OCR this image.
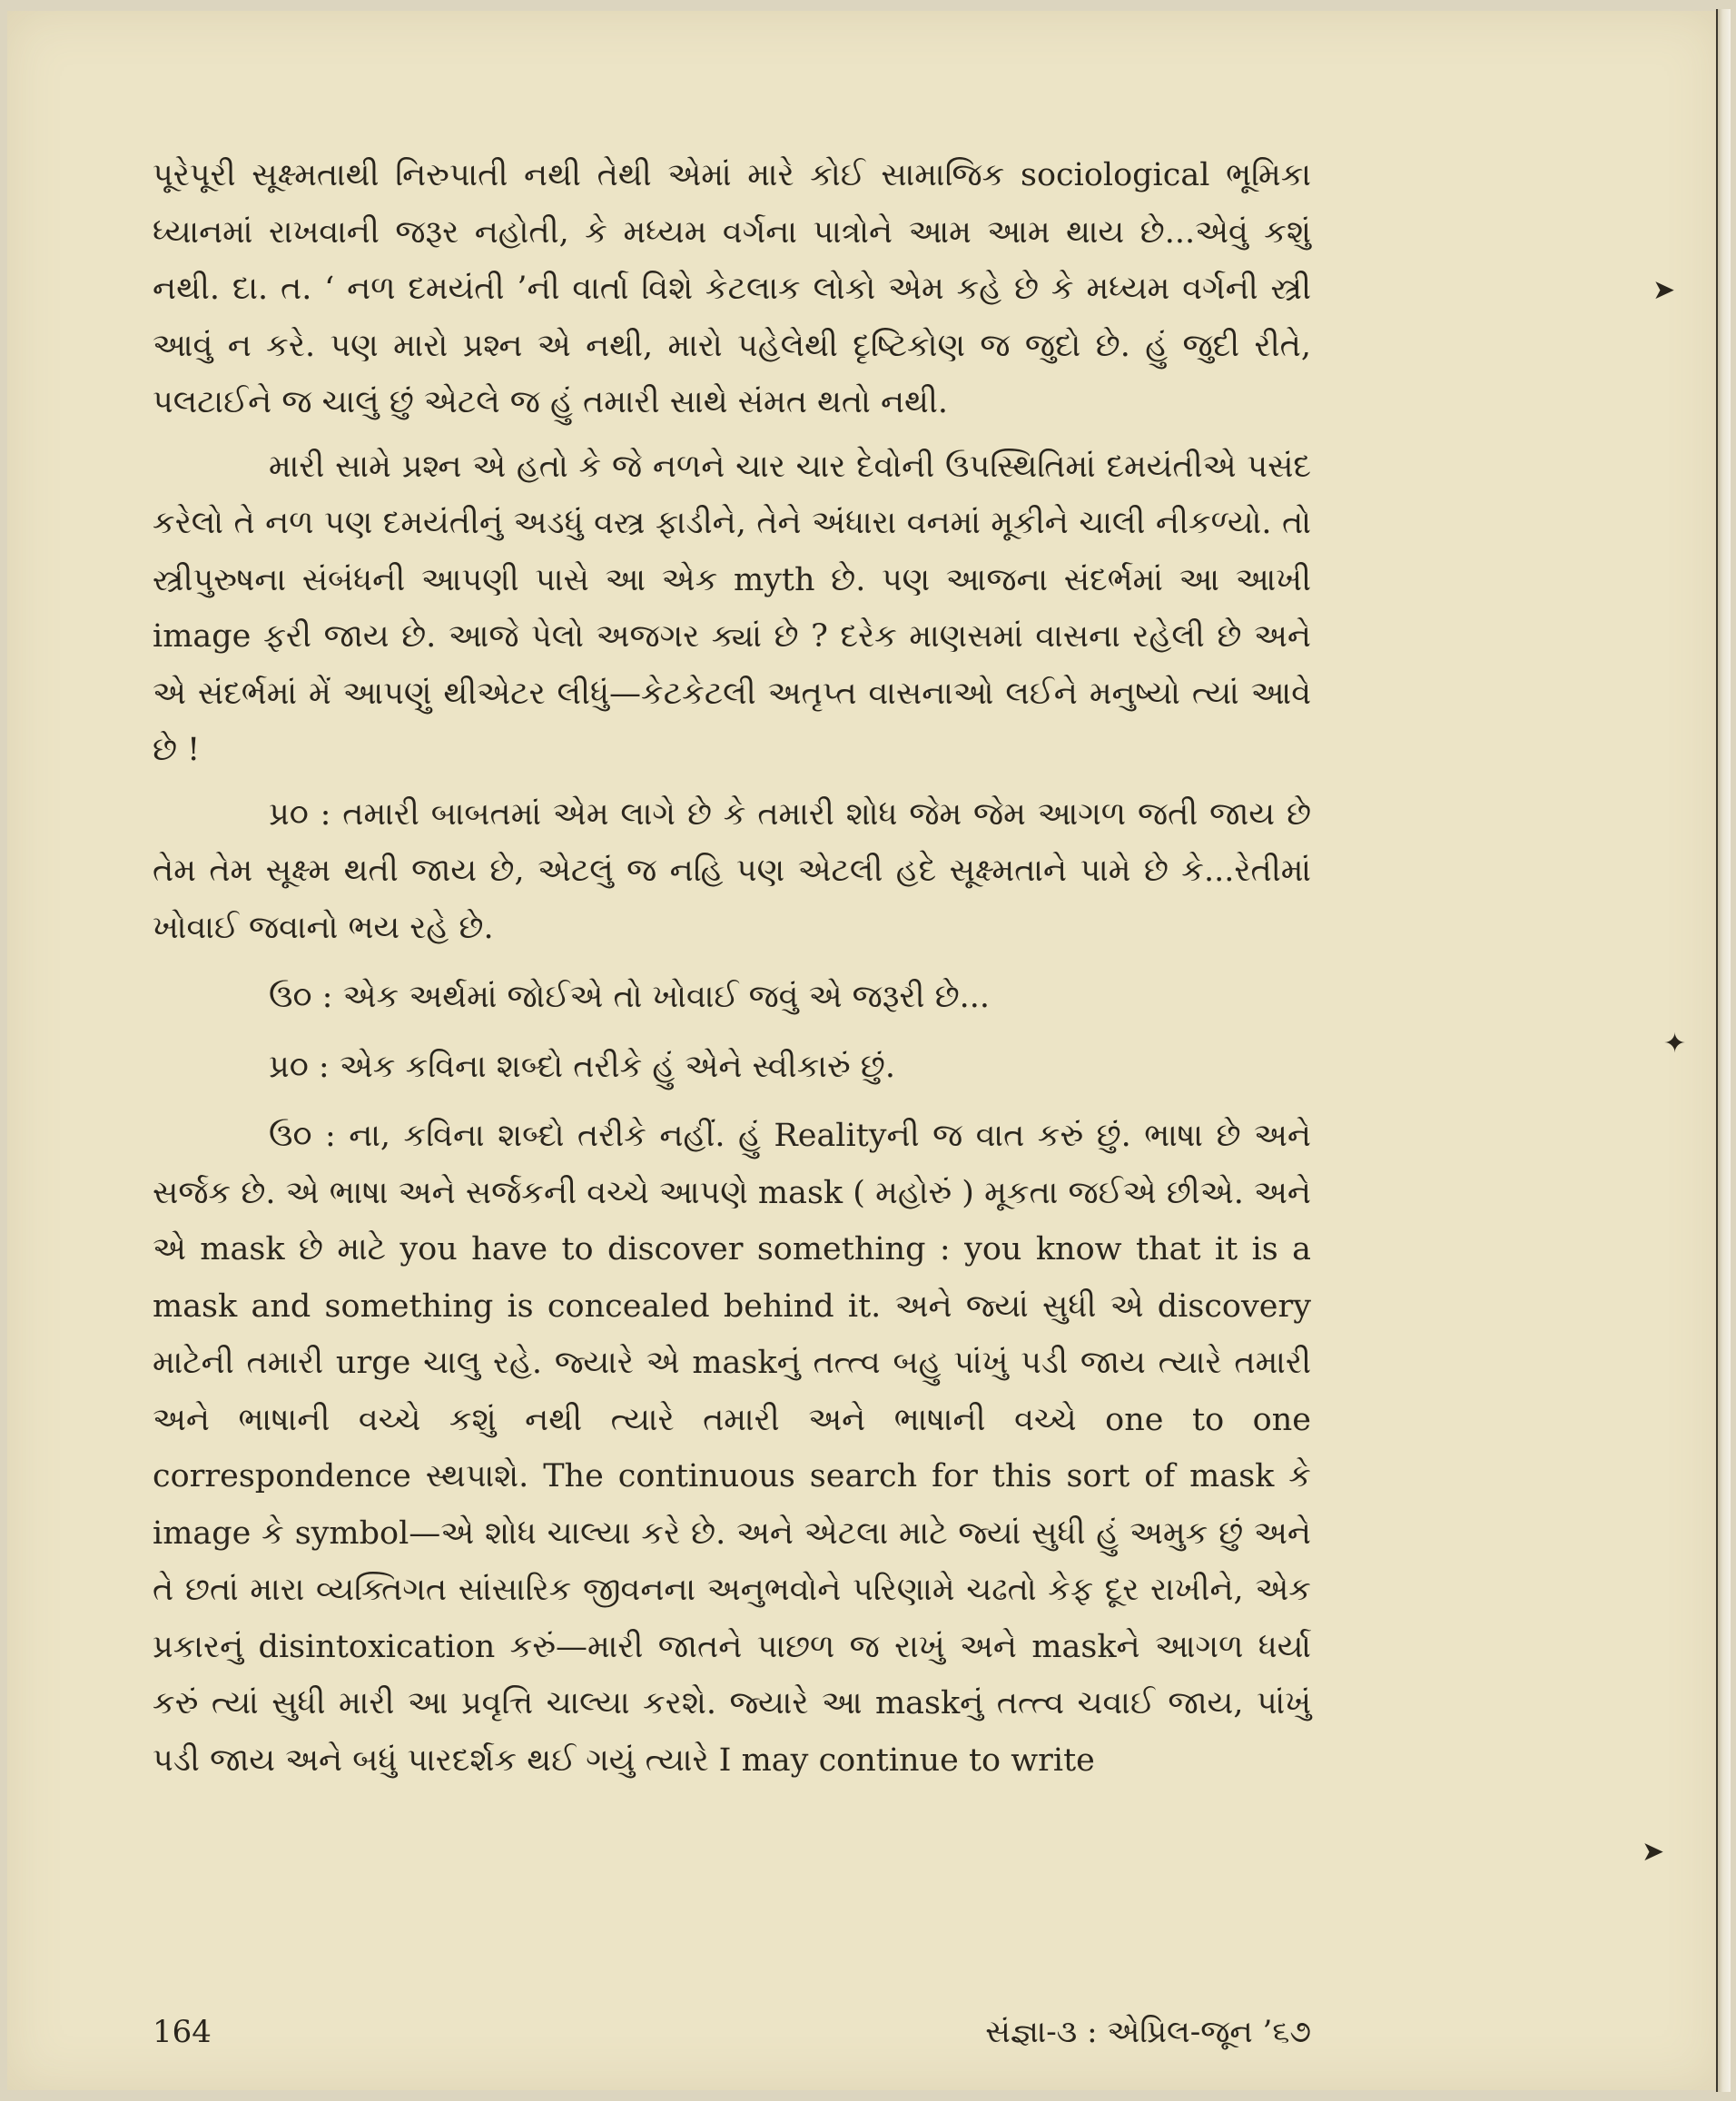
પૂરેપૂરી સૂક્ષ્મતાથી નિરુપાતી નથી તેથી એમાં મારે કોઈ સામાજિક sociological ભૂમિકા ધ્યાનમાં રાખવાની જરૂર નહોતી, કે મધ્યમ વર્ગના પાત્રોને આમ આમ થાય છે...એવું કશું નથી. દા. ત. ‘ નળ દમયંતી ’ની વાર્તા વિશે કેટલાક લોકો એમ કહે છે કે મધ્યમ વર્ગની સ્ત્રી આવું ન કરે. પણ મારો પ્રશ્ન એ નથી, મારો પહેલેથી દૃષ્ટિકોણ જ જુદો છે. હું જુદી રીતે, પલટાઈને જ ચાલું છું એટલે જ હું તમારી સાથે સંમત થતો નથી.

મારી સામે પ્રશ્ન એ હતો કે જે નળને ચાર ચાર દેવોની ઉપસ્થિતિમાં દમયંતીએ પસંદ કરેલો તે નળ પણ દમયંતીનું અડધું વસ્ત્ર ફાડીને, તેને અંધારા વનમાં મૂકીને ચાલી નીકળ્યો. તો સ્ત્રીપુરુષના સંબંધની આપણી પાસે આ એક myth છે. પણ આજના સંદર્ભમાં આ આખી image ફરી જાય છે. આજે પેલો અજગર ક્યાં છે ? દરેક માણસમાં વાસના રહેલી છે અને એ સંદર્ભમાં મેં આપણું થીએટર લીધું—કેટકેટલી અતૃપ્ત વાસનાઓ લઈને મનુષ્યો ત્યાં આવે છે !

પ્ર૦ : તમારી બાબતમાં એમ લાગે છે કે તમારી શોધ જેમ જેમ આગળ જતી જાય છે તેમ તેમ સૂક્ષ્મ થતી જાય છે, એટલું જ નહિ પણ એટલી હદે સૂક્ષ્મતાને પામે છે કે...રેતીમાં ખોવાઈ જવાનો ભય રહે છે.

ઉ૦ : એક અર્થમાં જોઈએ તો ખોવાઈ જવું એ જરૂરી છે...

પ્ર૦ : એક કવિના શબ્દો તરીકે હું એને સ્વીકારું છું.

ઉ૦ : ના, કવિના શબ્દો તરીકે નહીં. હું Realityની જ વાત કરું છું. ભાષા છે અને સર્જક છે. એ ભાષા અને સર્જકની વચ્ચે આપણે mask ( મહોરું ) મૂકતા જઈએ છીએ. અને એ mask છે માટે you have to discover something : you know that it is a mask and something is concealed behind it. અને જ્યાં સુધી એ discovery માટેની તમારી urge ચાલુ રહે. જ્યારે એ maskનું તત્ત્વ બહુ પાંખું પડી જાય ત્યારે તમારી અને ભાષાની વચ્ચે કશું નથી ત્યારે તમારી અને ભાષાની વચ્ચે one to one correspondence સ્થપાશે. The continuous search for this sort of mask કે image કે symbol—એ શોધ ચાલ્યા કરે છે. અને એટલા માટે જ્યાં સુધી હું અમુક છું અને તે છતાં મારા વ્યક્તિગત સાંસારિક જીવનના અનુભવોને પરિણામે ચઢતો કેફ દૂર રાખીને, એક પ્રકારનું disintoxication કરું—મારી જાતને પાછળ જ રાખું અને maskને આગળ ધર્યા કરું ત્યાં સુધી મારી આ પ્રવૃત્તિ ચાલ્યા કરશે. જ્યારે આ maskનું તત્ત્વ ચવાઈ જાય, પાંખું પડી જાય અને બધું પારદર્શક થઈ ગયું ત્યારે I may continue to write

164	સંજ્ઞા-૩ : એપ્રિલ-જૂન ’૬૭
➤
✦
➤
